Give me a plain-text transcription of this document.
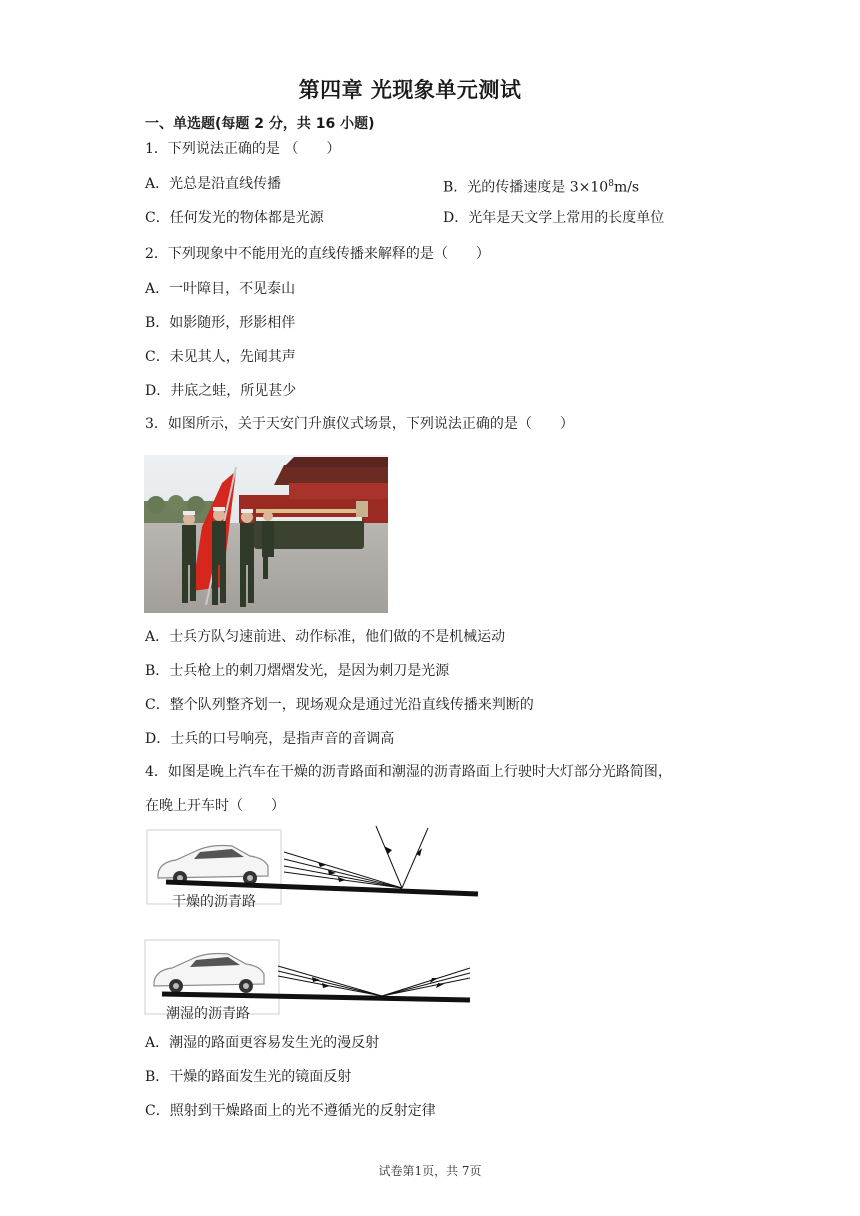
第四章 光现象单元测试
一、单选题(每题 2 分，共 16 小题)
1．下列说法正确的是 （　　）
A．光总是沿直线传播	B．光的传播速度是 $3\times 10^8m/s$
C．任何发光的物体都是光源	D．光年是天文学上常用的长度单位
2．下列现象中不能用光的直线传播来解释的是（　　）
A．一叶障目，不见泰山
B．如影随形，形影相伴
C．未见其人，先闻其声
D．井底之蛙，所见甚少
3．如图所示，关于天安门升旗仪式场景，下列说法正确的是（　　）
A．士兵方队匀速前进、动作标准，他们做的不是机械运动
B．士兵枪上的刺刀熠熠发光，是因为刺刀是光源
C．整个队列整齐划一，现场观众是通过光沿直线传播来判断的
D．士兵的口号响亮，是指声音的音调高
4．如图是晚上汽车在干燥的沥青路面和潮湿的沥青路面上行驶时大灯部分光路简图，
在晚上开车时（　　）
干燥的沥青路
潮湿的沥青路
A．潮湿的路面更容易发生光的漫反射
B．干燥的路面发生光的镜面反射
C．照射到干燥路面上的光不遵循光的反射定律
试卷第1页，共 7页
